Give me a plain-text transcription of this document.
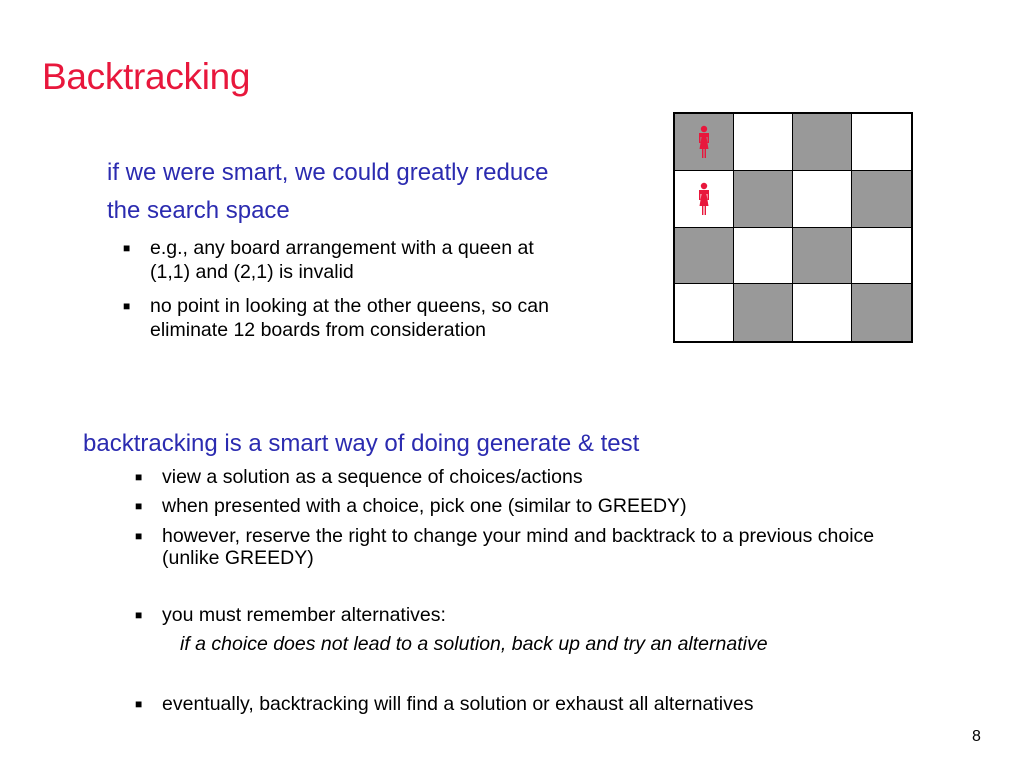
Backtracking
if we were smart, we could greatly reduce
the search space
■ e.g., any board arrangement with a queen at
(1,1) and (2,1) is invalid
■ no point in looking at the other queens, so can
eliminate 12 boards from consideration
backtracking is a smart way of doing generate & test
■ view a solution as a sequence of choices/actions
■ when presented with a choice, pick one (similar to GREEDY)
■ however, reserve the right to change your mind and backtrack to a previous choice
(unlike GREEDY)
■ you must remember alternatives:
if a choice does not lead to a solution, back up and try an alternative
■ eventually, backtracking will find a solution or exhaust all alternatives
8
